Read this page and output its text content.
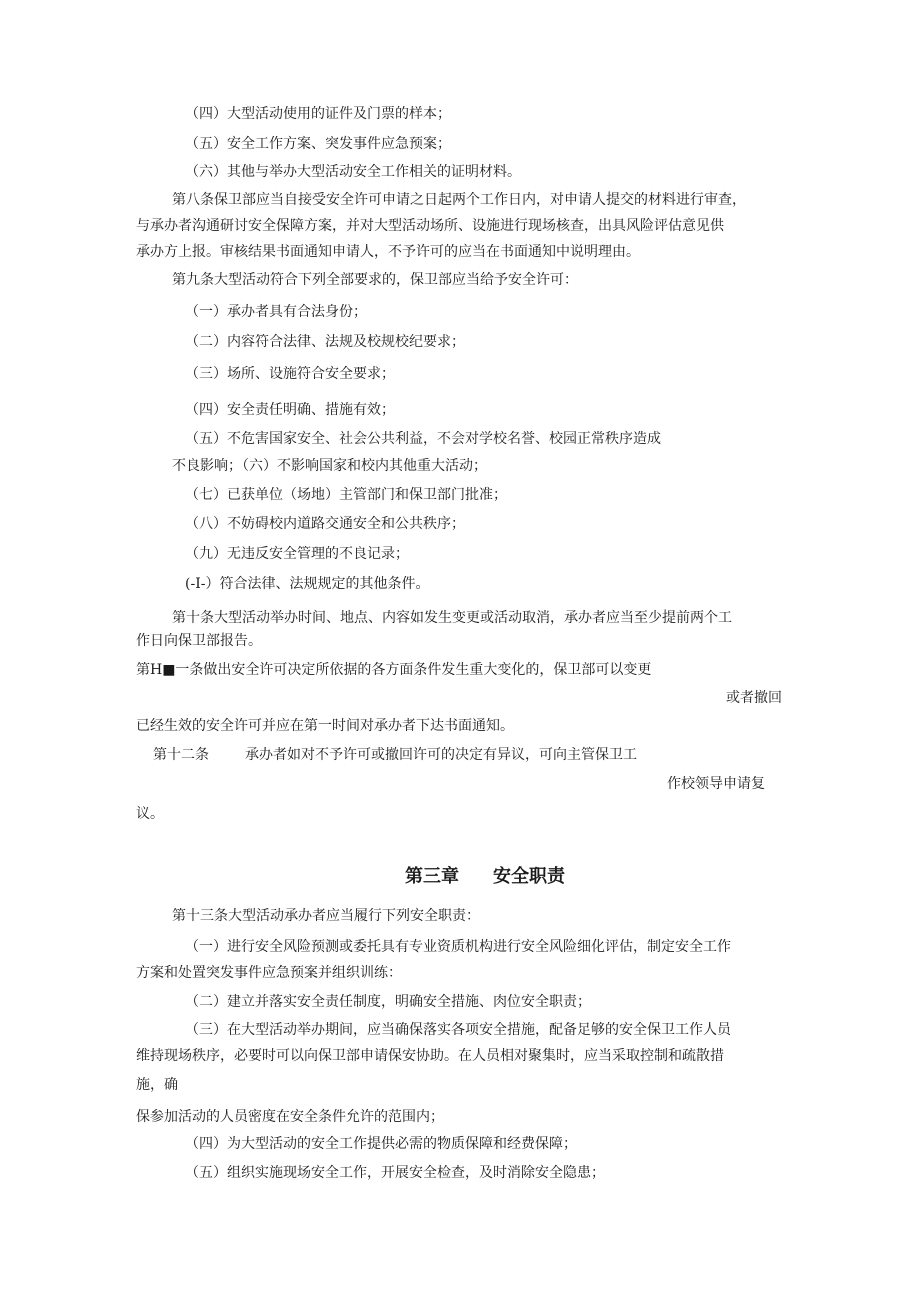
（四）大型活动使用的证件及门票的样本；
（五）安全工作方案、突发事件应急预案；
（六）其他与举办大型活动安全工作相关的证明材料。
第八条保卫部应当自接受安全许可申请之日起两个工作日内，对申请人提交的材料进行审查，
与承办者沟通研讨安全保障方案，并对大型活动场所、设施进行现场核查，出具风险评估意见供
承办方上报。审核结果书面通知申请人，不予许可的应当在书面通知中说明理由。
第九条大型活动符合下列全部要求的，保卫部应当给予安全许可：
（一）承办者具有合法身份；
（二）内容符合法律、法规及校规校纪要求；
（三）场所、设施符合安全要求；
（四）安全责任明确、措施有效；
（五）不危害国家安全、社会公共利益，不会对学校名誉、校园正常秩序造成
不良影响；（六）不影响国家和校内其他重大活动；
（七）已获单位（场地）主管部门和保卫部门批准；
（八）不妨碍校内道路交通安全和公共秩序；
（九）无违反安全管理的不良记录；
(-I-）符合法律、法规规定的其他条件。
第十条大型活动举办时间、地点、内容如发生变更或活动取消，承办者应当至少提前两个工
作日向保卫部报告。
第H■一条做出安全许可决定所依据的各方面条件发生重大变化的，保卫部可以变更
或者撤回
已经生效的安全许可并应在第一时间对承办者下达书面通知。
第十二条	承办者如对不予许可或撤回许可的决定有异议，可向主管保卫工
作校领导申请复
议。
第三章 安全职责
第十三条大型活动承办者应当履行下列安全职责：
（一）进行安全风险预测或委托具有专业资质机构进行安全风险细化评估，制定安全工作
方案和处置突发事件应急预案并组织训练：
（二）建立并落实安全责任制度，明确安全措施、肉位安全职责；
（三）在大型活动举办期间，应当确保落实各项安全措施，配备足够的安全保卫工作人员
维持现场秩序，必要时可以向保卫部申请保安协助。在人员相对聚集时，应当采取控制和疏散措
施，确
保参加活动的人员密度在安全条件允许的范围内；
（四）为大型活动的安全工作提供必需的物质保障和经费保障；
（五）组织实施现场安全工作，开展安全检查，及时消除安全隐患；
